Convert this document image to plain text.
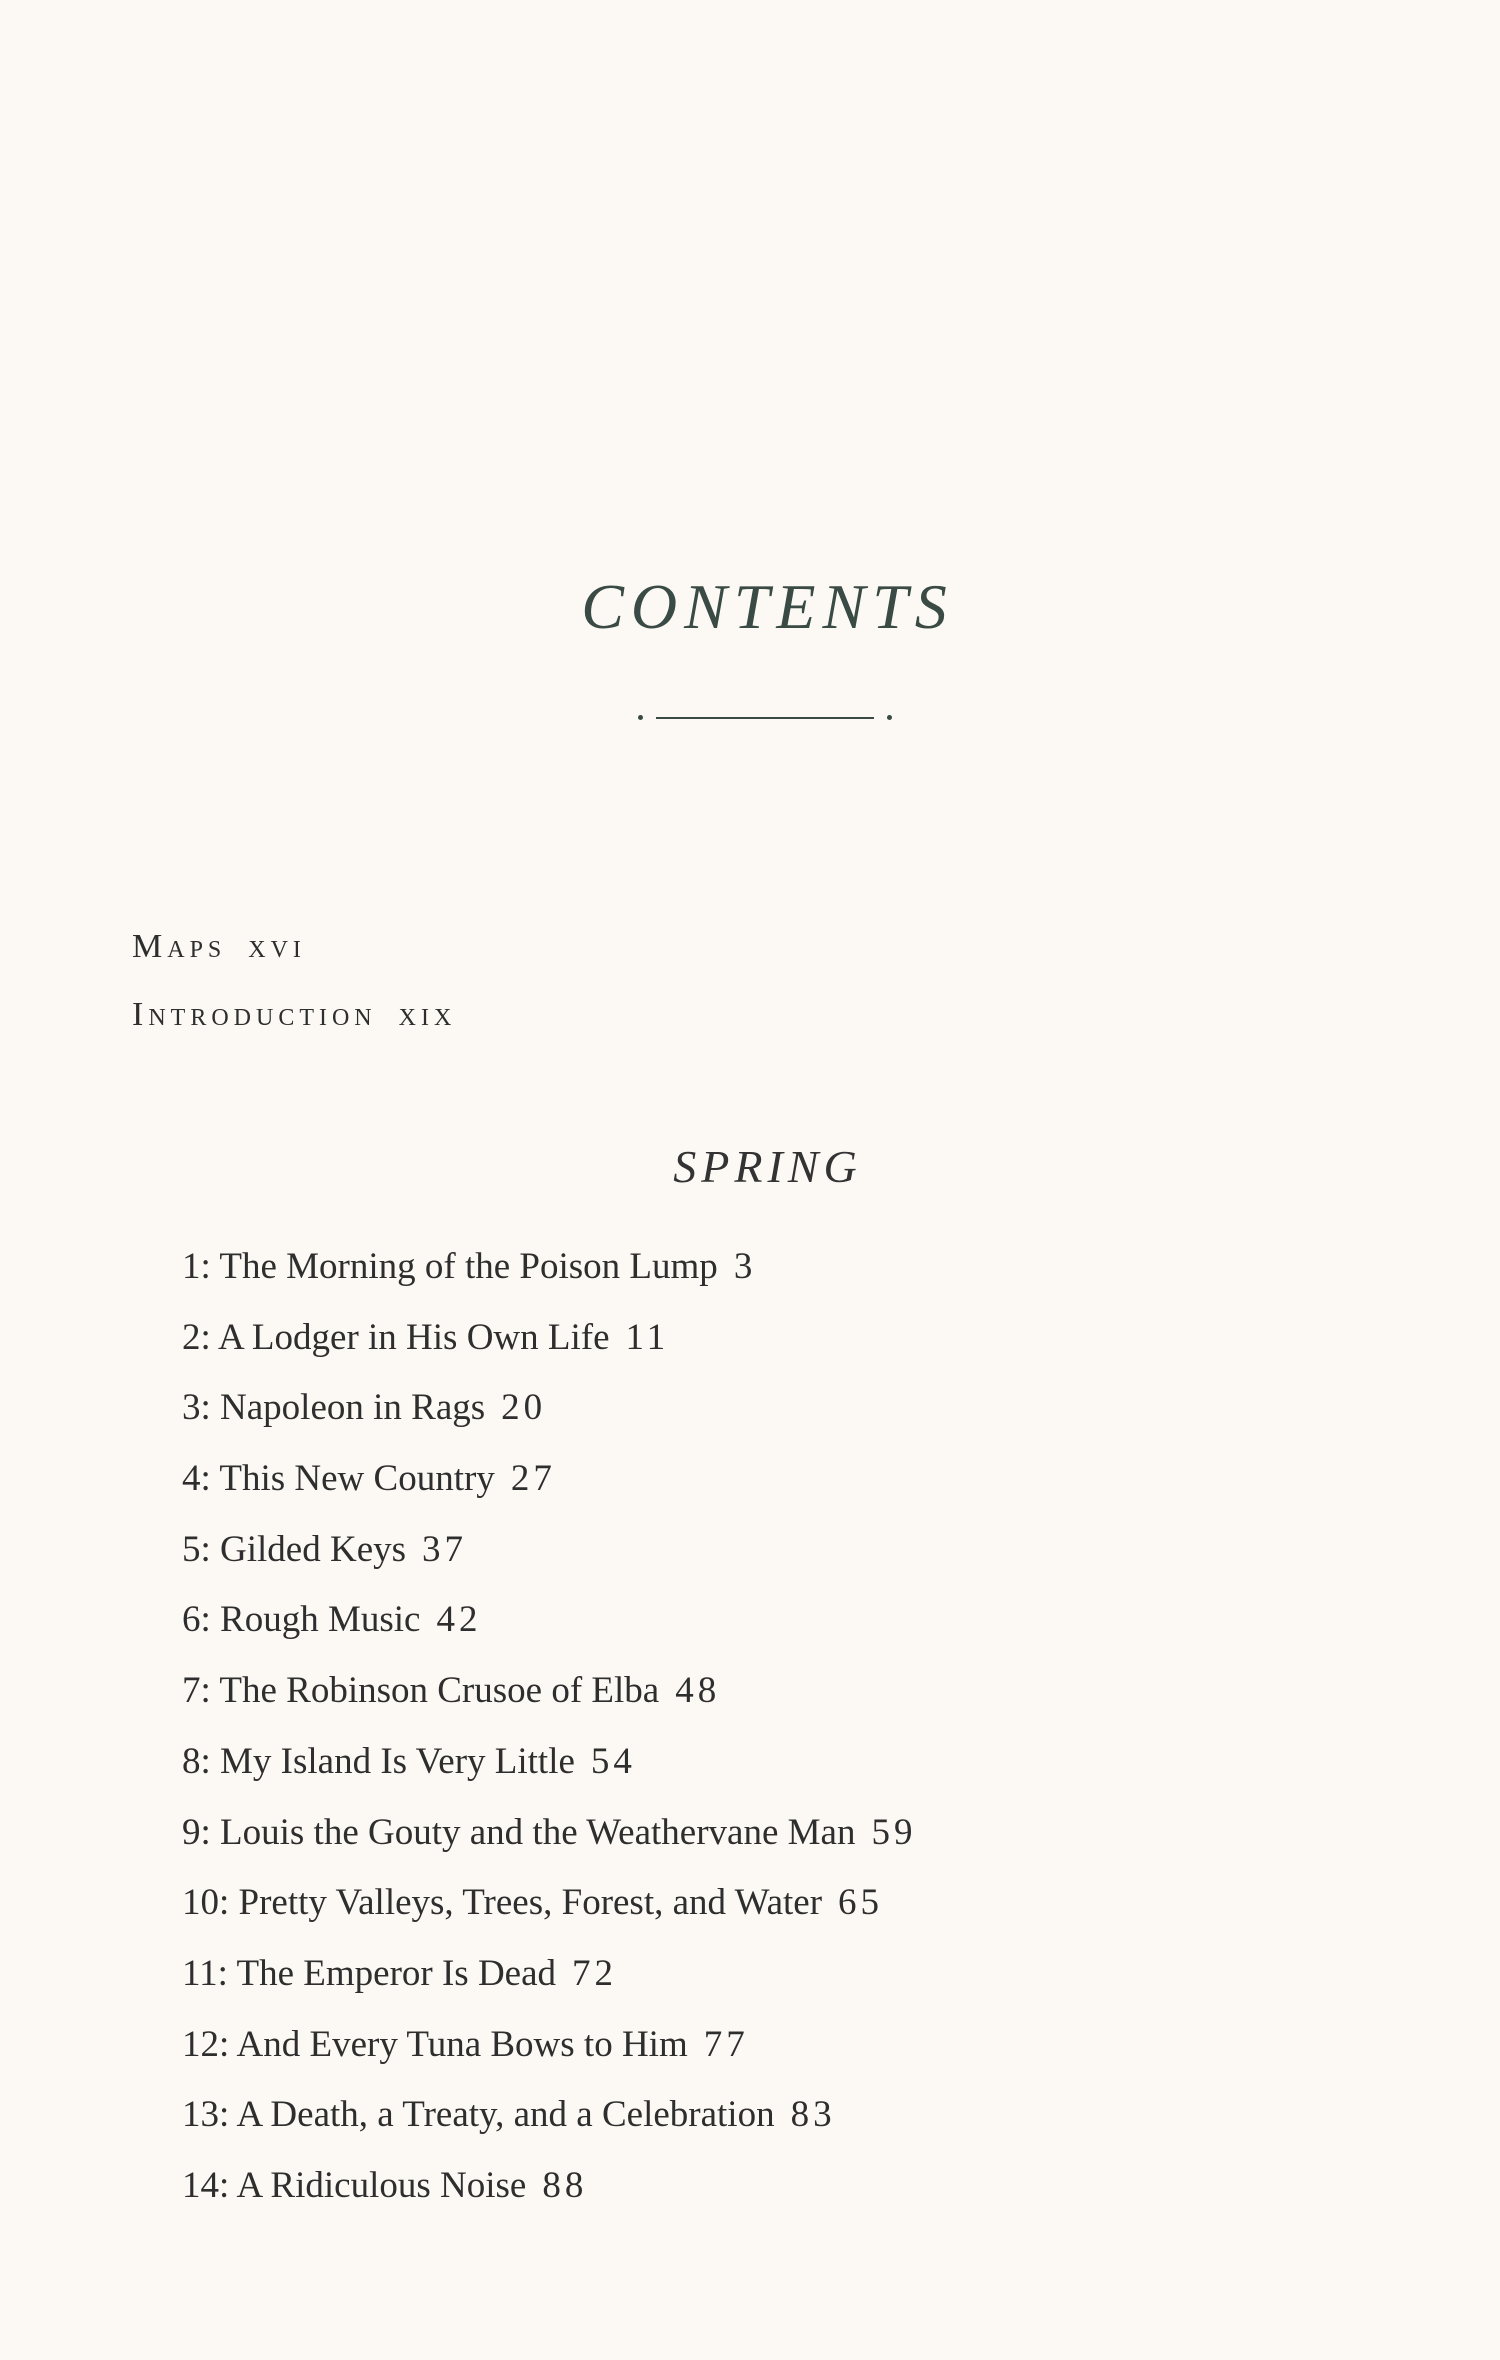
CONTENTS
Maps xvi
Introduction xix
SPRING
1: The Morning of the Poison Lump 3
2: A Lodger in His Own Life 11
3: Napoleon in Rags 20
4: This New Country 27
5: Gilded Keys 37
6: Rough Music 42
7: The Robinson Crusoe of Elba 48
8: My Island Is Very Little 54
9: Louis the Gouty and the Weathervane Man 59
10: Pretty Valleys, Trees, Forest, and Water 65
11: The Emperor Is Dead 72
12: And Every Tuna Bows to Him 77
13: A Death, a Treaty, and a Celebration 83
14: A Ridiculous Noise 88
